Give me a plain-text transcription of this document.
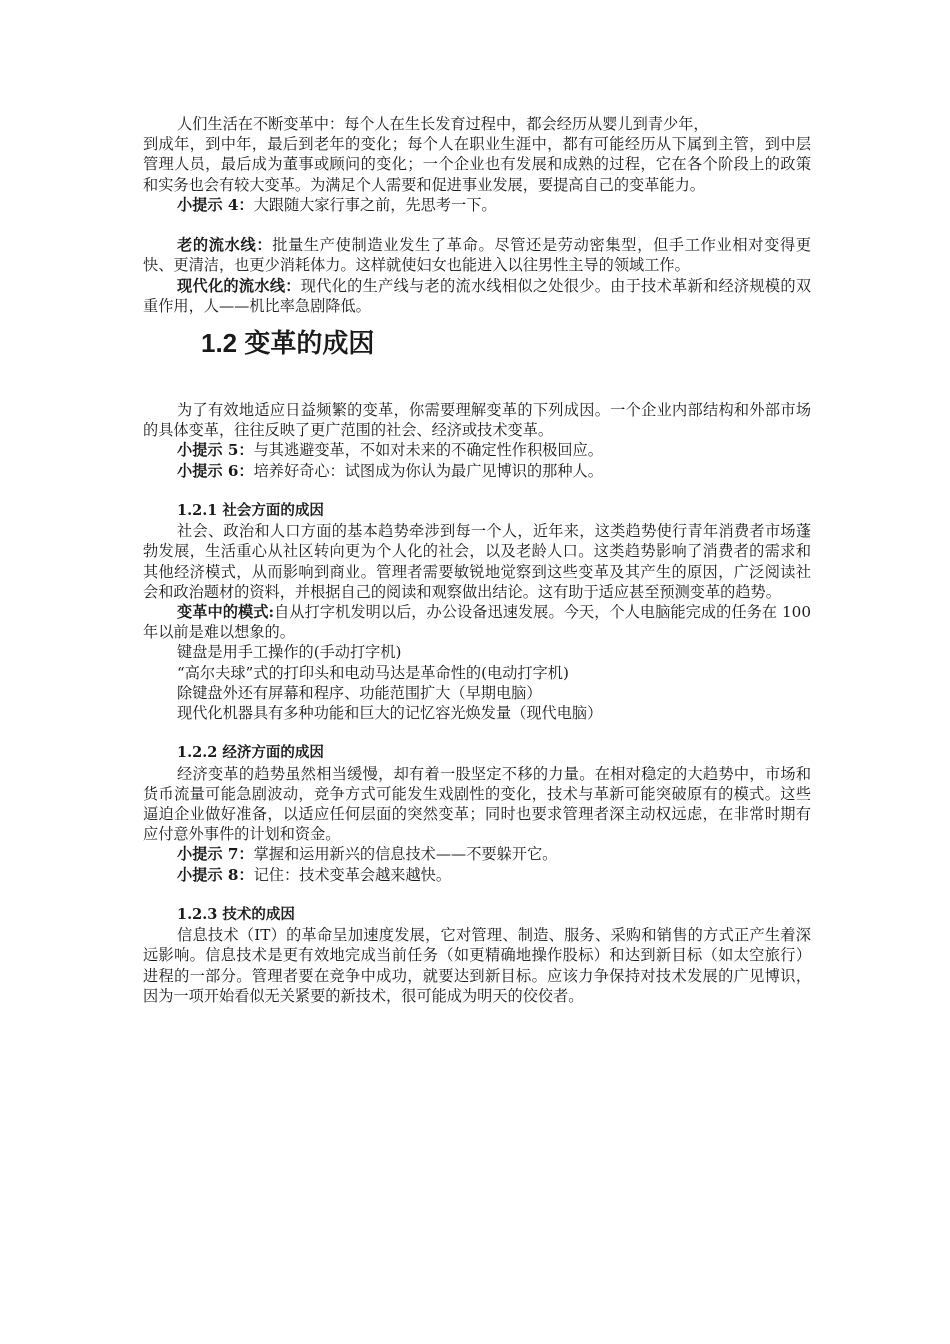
人们生活在不断变革中：每个人在生长发育过程中，都会经历从婴儿到青少年，

到成年，到中年，最后到老年的变化；每个人在职业生涯中，都有可能经历从下属到主管，到中层管理人员，最后成为董事或顾问的变化；一个企业也有发展和成熟的过程，它在各个阶段上的政策和实务也会有较大变革。为满足个人需要和促进事业发展，要提高自己的变革能力。

小提示 4：大跟随大家行事之前，先思考一下。

老的流水线：批量生产使制造业发生了革命。尽管还是劳动密集型，但手工作业相对变得更快、更清洁，也更少消耗体力。这样就使妇女也能进入以往男性主导的领域工作。

现代化的流水线：现代化的生产线与老的流水线相似之处很少。由于技术革新和经济规模的双重作用，人——机比率急剧降低。

1.2 变革的成因

为了有效地适应日益频繁的变革，你需要理解变革的下列成因。一个企业内部结构和外部市场的具体变革，往往反映了更广范围的社会、经济或技术变革。

小提示 5：与其逃避变革，不如对未来的不确定性作积极回应。

小提示 6：培养好奇心：试图成为你认为最广见博识的那种人。

1.2.1 社会方面的成因

社会、政治和人口方面的基本趋势牵涉到每一个人，近年来，这类趋势使行青年消费者市场蓬勃发展，生活重心从社区转向更为个人化的社会，以及老龄人口。这类趋势影响了消费者的需求和其他经济模式，从而影响到商业。管理者需要敏锐地觉察到这些变革及其产生的原因，广泛阅读社会和政治题材的资料，并根据自己的阅读和观察做出结论。这有助于适应甚至预测变革的趋势。

变革中的模式:自从打字机发明以后，办公设备迅速发展。今天，个人电脑能完成的任务在 100 年以前是难以想象的。

键盘是用手工操作的(手动打字机)

“高尔夫球”式的打印头和电动马达是革命性的(电动打字机)

除键盘外还有屏幕和程序、功能范围扩大（早期电脑）

现代化机器具有多种功能和巨大的记忆容光焕发量（现代电脑）

1.2.2 经济方面的成因

经济变革的趋势虽然相当缓慢，却有着一股坚定不移的力量。在相对稳定的大趋势中，市场和货币流量可能急剧波动，竞争方式可能发生戏剧性的变化，技术与革新可能突破原有的模式。这些逼迫企业做好准备，以适应任何层面的突然变革；同时也要求管理者深主动权远虑，在非常时期有应付意外事件的计划和资金。

小提示 7：掌握和运用新兴的信息技术——不要躲开它。

小提示 8：记住：技术变革会越来越快。

1.2.3 技术的成因

信息技术（IT）的革命呈加速度发展，它对管理、制造、服务、采购和销售的方式正产生着深远影响。信息技术是更有效地完成当前任务（如更精确地操作股标）和达到新目标（如太空旅行）进程的一部分。管理者要在竞争中成功，就要达到新目标。应该力争保持对技术发展的广见博识，因为一项开始看似无关紧要的新技术，很可能成为明天的佼佼者。
